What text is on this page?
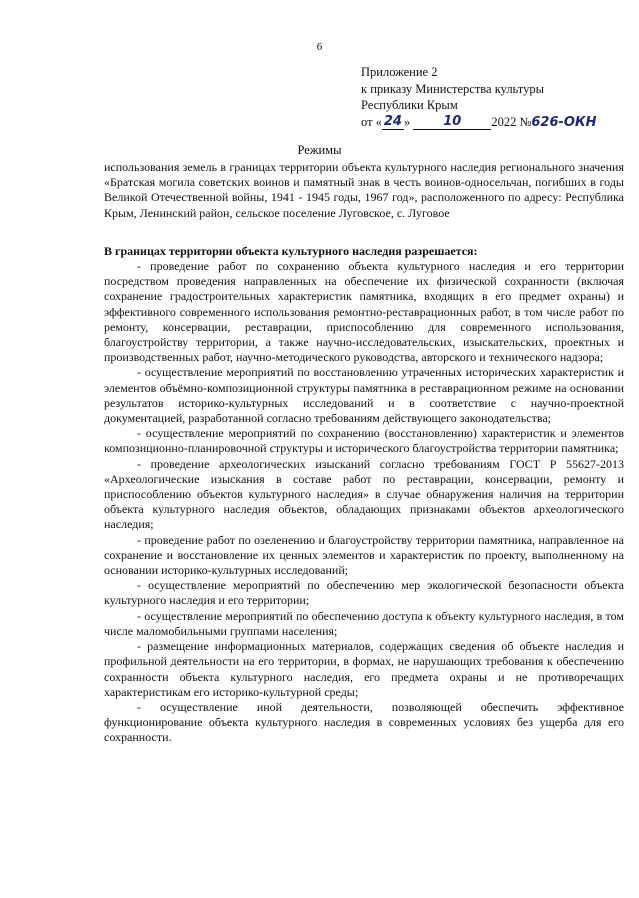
6
Приложение 2
к приказу Министерства культуры
Республики Крым
от « 24 »	10	2022 № 626-ОКН
Режимы

использования земель в границах территории объекта культурного наследия регионального значения «Братская могила советских воинов и памятный знак в честь воинов-односельчан, погибших в годы Великой Отечественной войны, 1941 - 1945 годы, 1967 год», расположенного по адресу: Республика Крым, Ленинский район, сельское поселение Луговское, с. Луговое

В границах территории объекта культурного наследия разрешается:

- проведение работ по сохранению объекта культурного наследия и его территории посредством проведения направленных на обеспечение их физической сохранности (включая сохранение градостроительных характеристик памятника, входящих в его предмет охраны) и эффективного современного использования ремонтно-реставрационных работ, в том числе работ по ремонту, консервации, реставрации, приспособлению для современного использования, благоустройству территории, а также научно-исследовательских, изыскательских, проектных и производственных работ, научно-методического руководства, авторского и технического надзора;

- осуществление мероприятий по восстановлению утраченных исторических характеристик и элементов объёмно-композиционной структуры памятника в реставрационном режиме на основании результатов историко-культурных исследований и в соответствие с научно-проектной документацией, разработанной согласно требованиям действующего законодательства;

- осуществление мероприятий по сохранению (восстановлению) характеристик и элементов композиционно-планировочной структуры и исторического благоустройства территории памятника;

- проведение археологических изысканий согласно требованиям ГОСТ Р 55627-2013 «Археологические изыскания в составе работ по реставрации, консервации, ремонту и приспособлению объектов культурного наследия» в случае обнаружения наличия на территории объекта культурного наследия объектов, обладающих признаками объектов археологического наследия;

- проведение работ по озеленению и благоустройству территории памятника, направленное на сохранение и восстановление их ценных элементов и характеристик по проекту, выполненному на основании историко-культурных исследований;

- осуществление мероприятий по обеспечению мер экологической безопасности объекта культурного наследия и его территории;

- осуществление мероприятий по обеспечению доступа к объекту культурного наследия, в том числе маломобильными группами населения;

- размещение информационных материалов, содержащих сведения об объекте наследия и профильной деятельности на его территории, в формах, не нарушающих требования к обеспечению сохранности объекта культурного наследия, его предмета охраны и не противоречащих характеристикам его историко-культурной среды;

- осуществление иной деятельности, позволяющей обеспечить эффективное функционирование объекта культурного наследия в современных условиях без ущерба для его сохранности.
